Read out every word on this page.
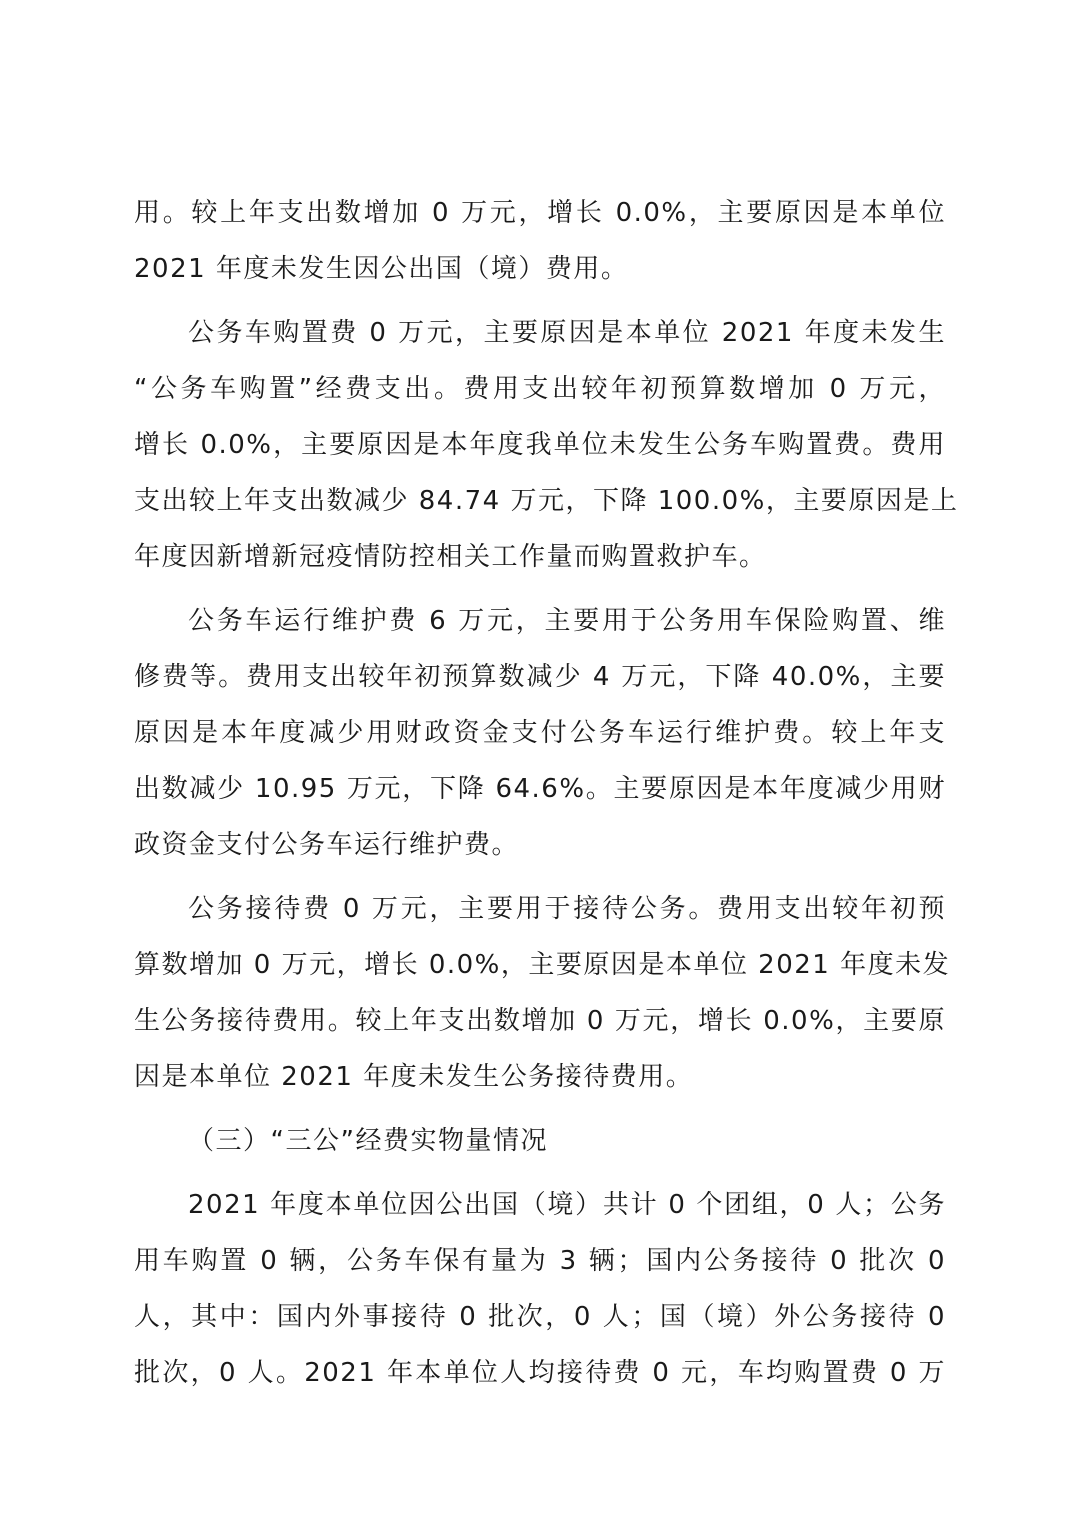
用。较上年支出数增加 0 万元，增长 0.0%，主要原因是本单位
2021 年度未发生因公出国（境）费用。
公务车购置费 0 万元，主要原因是本单位 2021 年度未发生
“公务车购置”经费支出。费用支出较年初预算数增加 0 万元，
增长 0.0%，主要原因是本年度我单位未发生公务车购置费。费用
支出较上年支出数减少 84.74 万元，下降 100.0%，主要原因是上
年度因新增新冠疫情防控相关工作量而购置救护车。
公务车运行维护费 6 万元，主要用于公务用车保险购置、维
修费等。费用支出较年初预算数减少 4 万元，下降 40.0%，主要
原因是本年度减少用财政资金支付公务车运行维护费。较上年支
出数减少 10.95 万元，下降 64.6%。主要原因是本年度减少用财
政资金支付公务车运行维护费。
公务接待费 0 万元，主要用于接待公务。费用支出较年初预
算数增加 0 万元，增长 0.0%，主要原因是本单位 2021 年度未发
生公务接待费用。较上年支出数增加 0 万元，增长 0.0%，主要原
因是本单位 2021 年度未发生公务接待费用。
（三）“三公”经费实物量情况
2021 年度本单位因公出国（境）共计 0 个团组，0 人；公务
用车购置 0 辆，公务车保有量为 3 辆；国内公务接待 0 批次 0
人，其中：国内外事接待 0 批次，0 人；国（境）外公务接待 0
批次，0 人。2021 年本单位人均接待费 0 元，车均购置费 0 万
